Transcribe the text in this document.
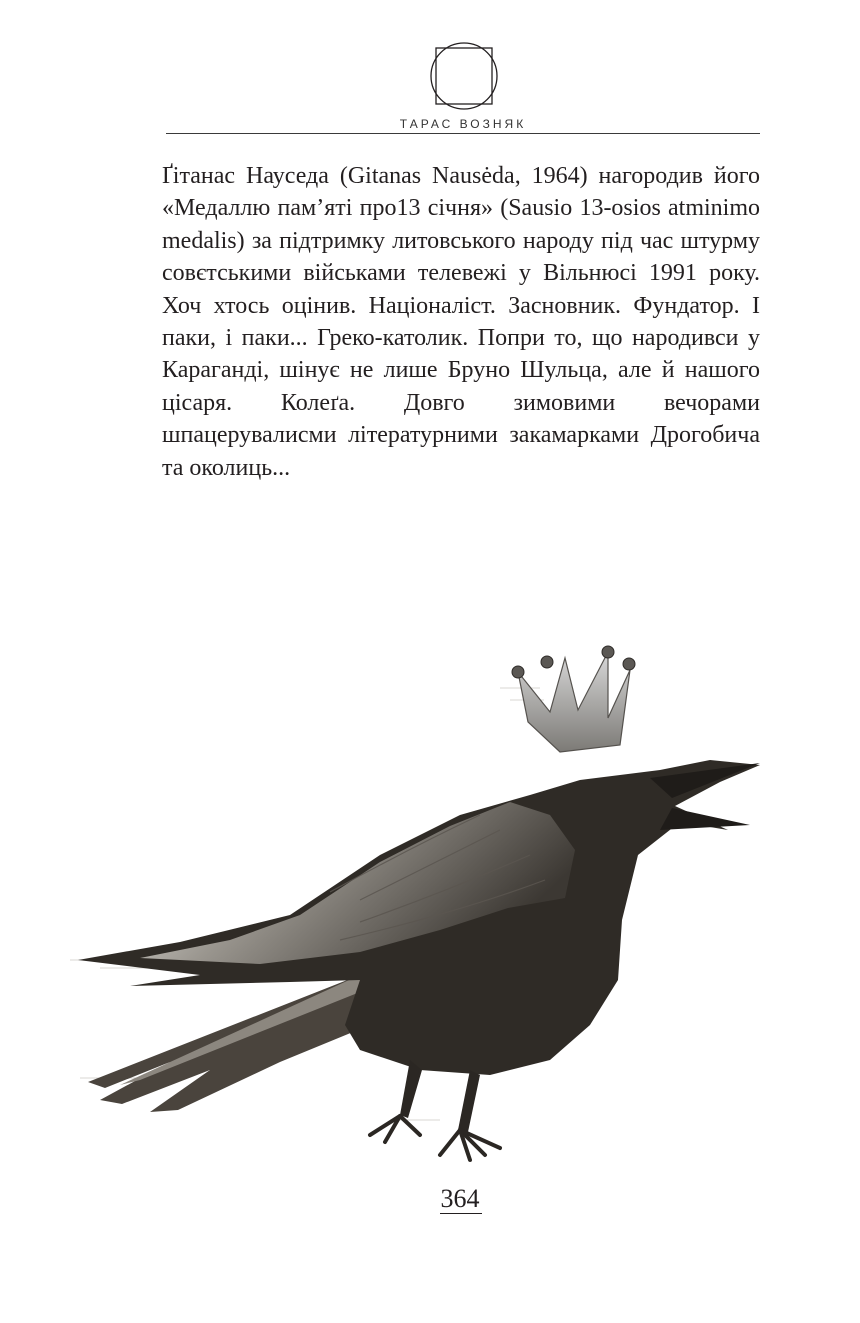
ТАРАС ВОЗНЯК

Ґітанас Науседа (Gitanas Nausėda, 1964) нагородив його «Медаллю пам’яті про13 січня» (Sausio 13-osios atminimo medalis) за підтримку литовського народу під час штурму совєтськими військами телевежі у Вільнюсі 1991 року. Хоч хтось оцінив. Націоналіст. Засновник. Фундатор. І паки, і паки... Греко-католик. Попри то, що народивси у Караганді, шінує не лише Бруно Шульца, але й нашого цісаря. Колеґа. Довго зимовими вечорами шпацерувалисми літературними закамарками Дрогобича та околиць...

364
